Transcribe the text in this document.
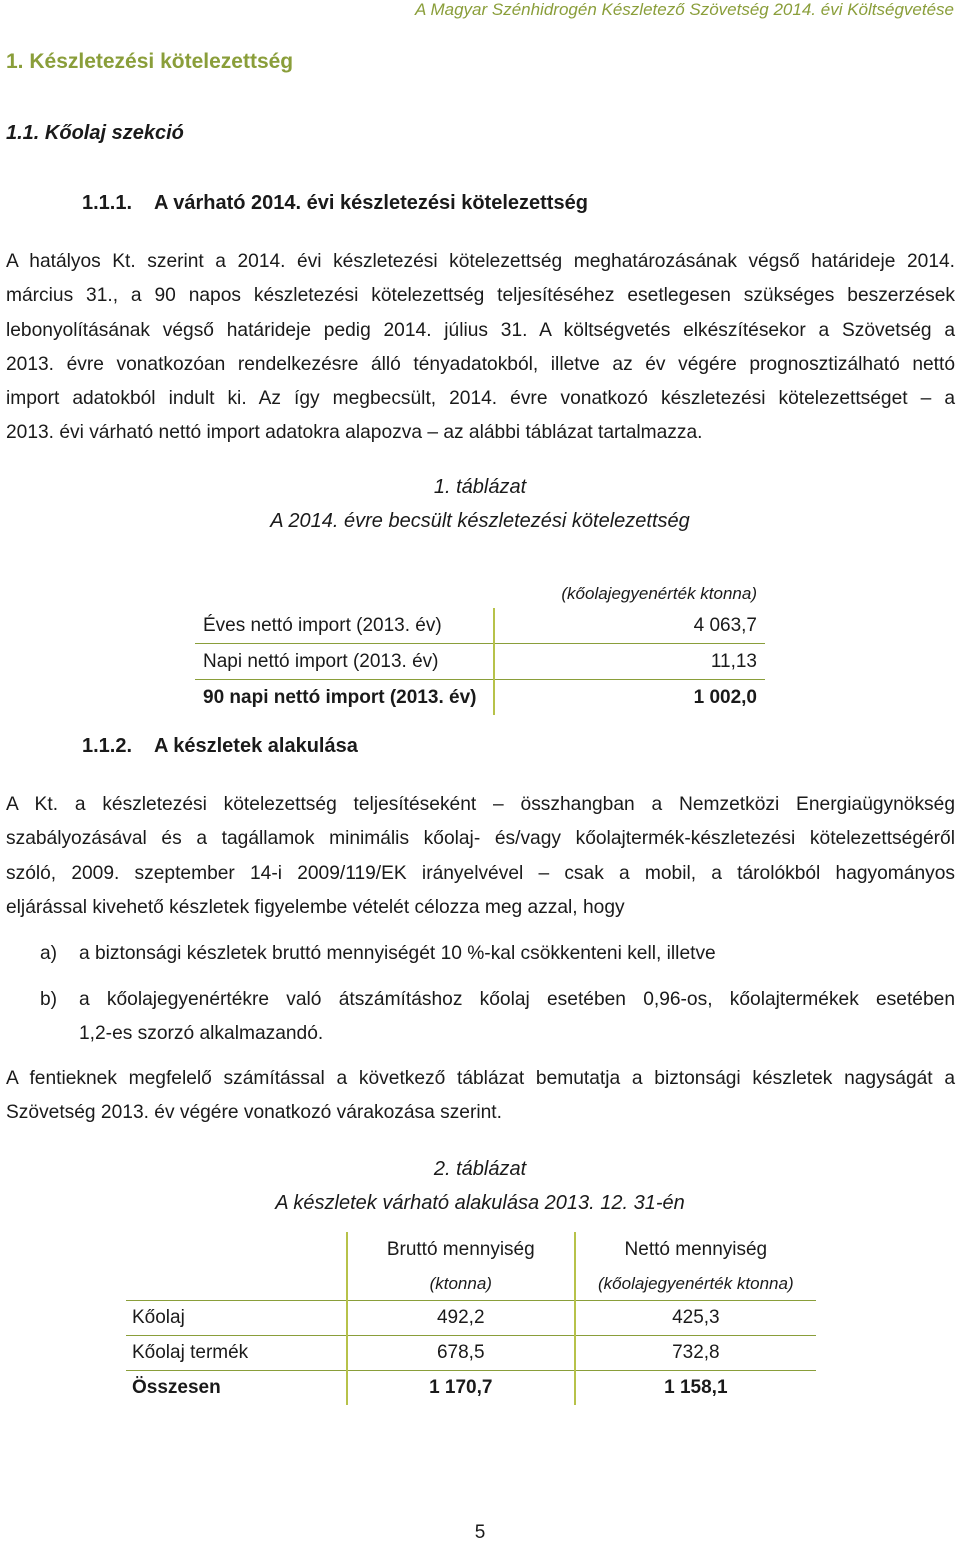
A Magyar Szénhidrogén Készletező Szövetség 2014. évi Költségvetése
1. Készletezési kötelezettség
1.1. Kőolaj szekció
1.1.1. A várható 2014. évi készletezési kötelezettség
A hatályos Kt. szerint a 2014. évi készletezési kötelezettség meghatározásának végső határideje 2014.
március 31., a 90 napos készletezési kötelezettség teljesítéséhez esetlegesen szükséges beszerzések
lebonyolításának végső határideje pedig 2014. július 31. A költségvetés elkészítésekor a Szövetség a
2013. évre vonatkozóan rendelkezésre álló tényadatokból, illetve az év végére prognosztizálható nettó
import adatokból indult ki. Az így megbecsült, 2014. évre vonatkozó készletezési kötelezettséget – a
2013. évi várható nettó import adatokra alapozva – az alábbi táblázat tartalmazza.
1. táblázat
A 2014. évre becsült készletezési kötelezettség
	(kőolajegyenérték ktonna)
Éves nettó import (2013. év)	4 063,7
Napi nettó import (2013. év)	11,13
90 napi nettó import (2013. év)	1 002,0
1.1.2. A készletek alakulása
A Kt. a készletezési kötelezettség teljesítéseként – összhangban a Nemzetközi Energiaügynökség
szabályozásával és a tagállamok minimális kőolaj- és/vagy kőolajtermék-készletezési kötelezettségéről
szóló, 2009. szeptember 14-i 2009/119/EK irányelvével – csak a mobil, a tárolókból hagyományos
eljárással kivehető készletek figyelembe vételét célozza meg azzal, hogy
a) a biztonsági készletek bruttó mennyiségét 10 %-kal csökkenteni kell, illetve
b) a kőolajegyenértékre való átszámításhoz kőolaj esetében 0,96-os, kőolajtermékek esetében
1,2-es szorzó alkalmazandó.
A fentieknek megfelelő számítással a következő táblázat bemutatja a biztonsági készletek nagyságát a
Szövetség 2013. év végére vonatkozó várakozása szerint.
2. táblázat
A készletek várható alakulása 2013. 12. 31-én
	Bruttó mennyiség	Nettó mennyiség
	(ktonna)	(kőolajegyenérték ktonna)
Kőolaj	492,2	425,3
Kőolaj termék	678,5	732,8
Összesen	1 170,7	1 158,1
5
